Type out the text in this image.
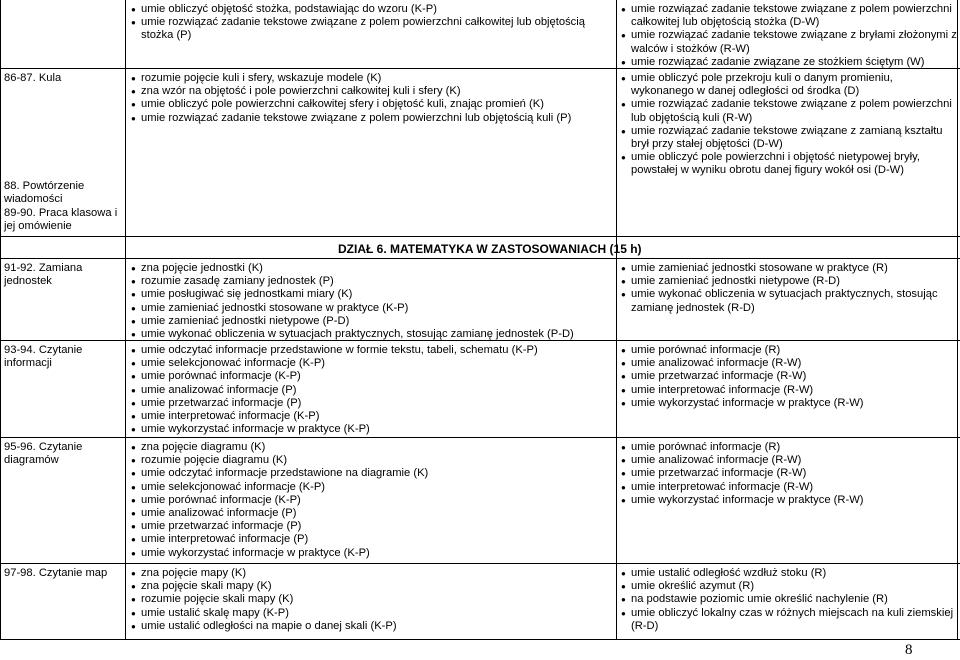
● umie obliczyć objętość stożka, podstawiając do wzoru (K-P)
● umie rozwiązać zadanie tekstowe związane z polem powierzchni całkowitej lub objętością stożka (P)
● umie rozwiązać zadanie tekstowe związane z polem powierzchni całkowitej lub objętością stożka (D-W)
● umie rozwiązać zadanie tekstowe związane z bryłami złożonymi z walców i stożków (R-W)
● umie rozwiązać zadanie związane ze stożkiem ściętym (W)
86-87. Kula
88. Powtórzenie wiadomości
89-90. Praca klasowa i jej omówienie
● rozumie pojęcie kuli i sfery, wskazuje modele (K)
● zna wzór na objętość i pole powierzchni całkowitej kuli i sfery (K)
● umie obliczyć pole powierzchni całkowitej sfery i objętość kuli, znając promień (K)
● umie rozwiązać zadanie tekstowe związane z polem powierzchni lub objętością kuli (P)
● umie obliczyć pole przekroju kuli o danym promieniu, wykonanego w danej odległości od środka (D)
● umie rozwiązać zadanie tekstowe związane z polem powierzchni lub objętością kuli (R-W)
● umie rozwiązać zadanie tekstowe związane z zamianą kształtu brył przy stałej objętości (D-W)
● umie obliczyć pole powierzchni i objętość nietypowej bryły, powstałej w wyniku obrotu danej figury wokół osi (D-W)
DZIAŁ 6. MATEMATYKA W ZASTOSOWANIACH (15 h)
91-92. Zamiana jednostek
● zna pojęcie jednostki (K)
● rozumie zasadę zamiany jednostek (P)
● umie posługiwać się jednostkami miary (K)
● umie zamieniać jednostki stosowane w praktyce (K-P)
● umie zamieniać jednostki nietypowe (P-D)
● umie wykonać obliczenia w sytuacjach praktycznych, stosując zamianę jednostek (P-D)
● umie zamieniać jednostki stosowane w praktyce (R)
● umie zamieniać jednostki nietypowe (R-D)
● umie wykonać obliczenia w sytuacjach praktycznych, stosując zamianę jednostek (R-D)
93-94. Czytanie informacji
● umie odczytać informacje przedstawione w formie tekstu, tabeli, schematu (K-P)
● umie selekcjonować informacje (K-P)
● umie porównać informacje (K-P)
● umie analizować informacje (P)
● umie przetwarzać informacje (P)
● umie interpretować informacje (K-P)
● umie wykorzystać informacje w praktyce (K-P)
● umie porównać informacje (R)
● umie analizować informacje (R-W)
● umie przetwarzać informacje (R-W)
● umie interpretować informacje (R-W)
● umie wykorzystać informacje w praktyce (R-W)
95-96. Czytanie diagramów
● zna pojęcie diagramu (K)
● rozumie pojęcie diagramu (K)
● umie odczytać informacje przedstawione na diagramie (K)
● umie selekcjonować informacje (K-P)
● umie porównać informacje (K-P)
● umie analizować informacje (P)
● umie przetwarzać informacje (P)
● umie interpretować informacje (P)
● umie wykorzystać informacje w praktyce (K-P)
● umie porównać informacje (R)
● umie analizować informacje (R-W)
● umie przetwarzać informacje (R-W)
● umie interpretować informacje (R-W)
● umie wykorzystać informacje w praktyce (R-W)
97-98. Czytanie map
●	zna pojęcie mapy (K)
● zna pojęcie skali mapy (K)
● rozumie pojęcie skali mapy (K)
● umie ustalić skalę mapy (K-P)
● umie ustalić odległości na mapie o danej skali (K-P)
● umie ustalić odległość wzdłuż stoku (R)
● umie określić azymut (R)
● na podstawie poziomic umie określić nachylenie (R)
● umie obliczyć lokalny czas w różnych miejscach na kuli ziemskiej (R-D)
8
